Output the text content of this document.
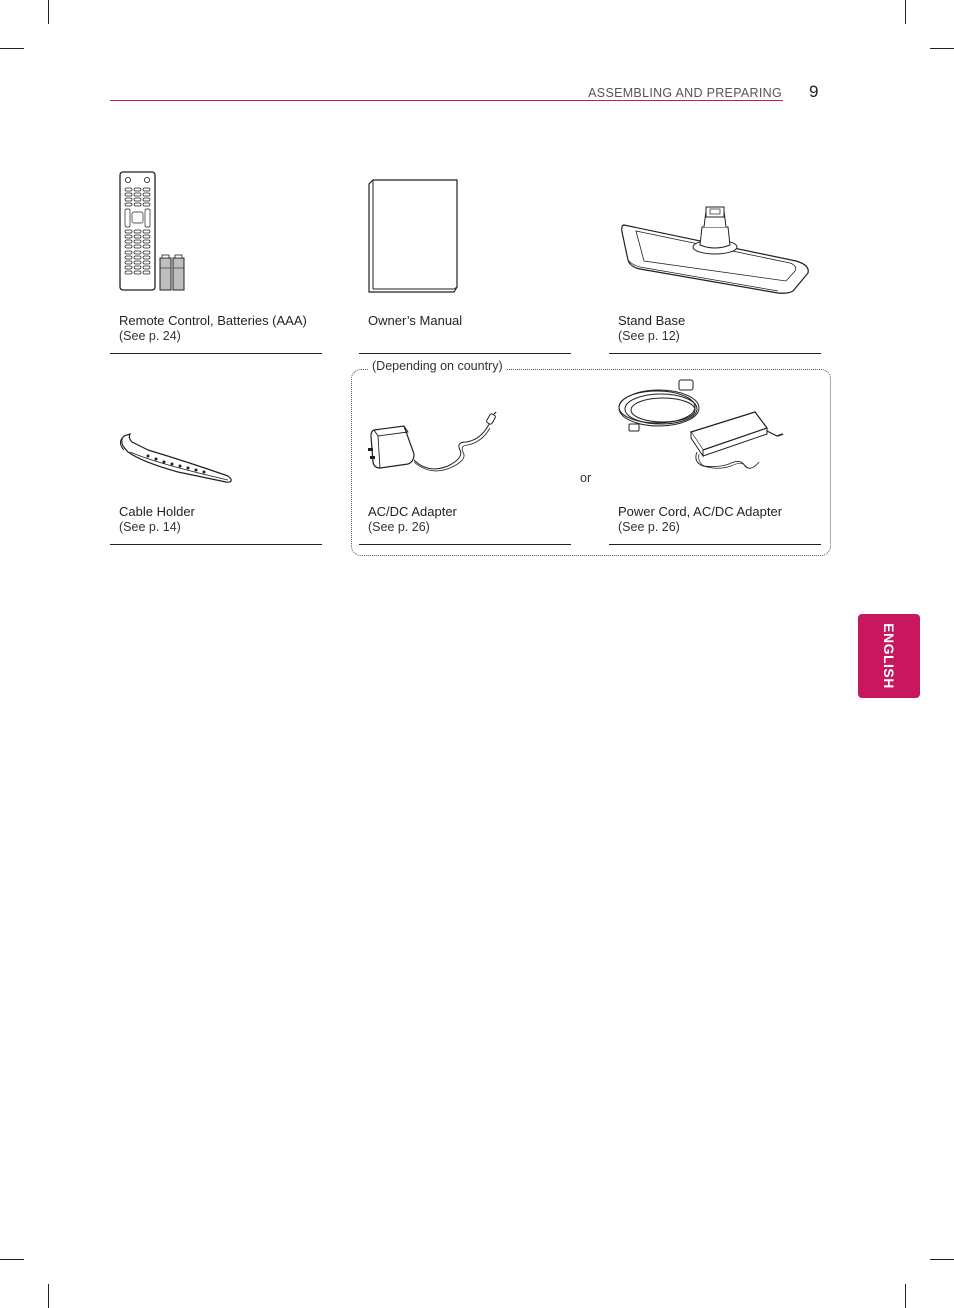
ASSEMBLING AND PREPARING 9
Remote Control, Batteries (AAA)
(See p. 24)
Owner’s Manual	Stand Base
(See p. 12)
Cable Holder
(See p. 14)
(Depending on country)
or
AC/DC Adapter
(See p. 26)
Power Cord, AC/DC Adapter
(See p. 26)
ENGLISH
